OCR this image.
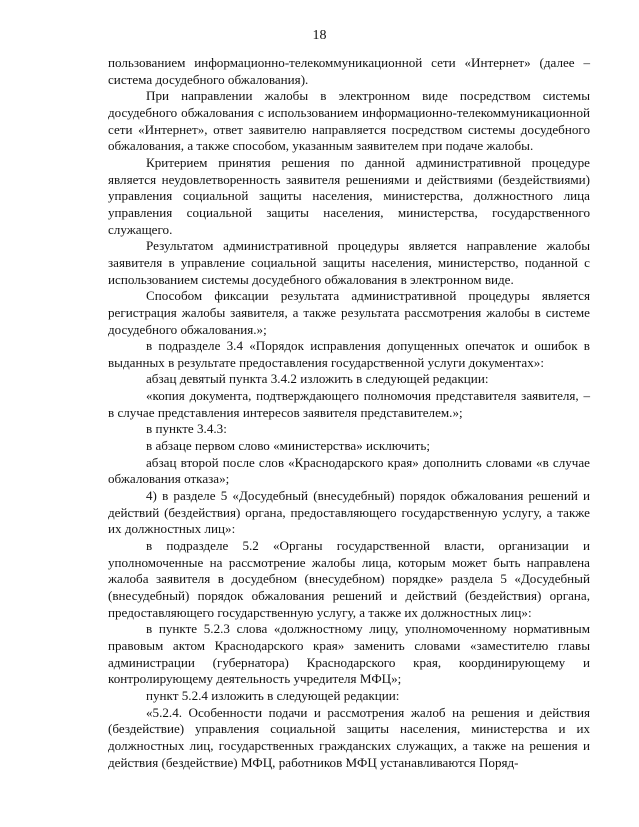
18

пользованием информационно-телекоммуникационной сети «Интернет» (далее – система досудебного обжалования).

При направлении жалобы в электронном виде посредством системы досудебного обжалования с использованием информационно-телекоммуникационной сети «Интернет», ответ заявителю направляется посредством системы досудебного обжалования, а также способом, указанным заявителем при подаче жалобы.

Критерием принятия решения по данной административной процедуре является неудовлетворенность заявителя решениями и действиями (бездействиями) управления социальной защиты населения, министерства, должностного лица управления социальной защиты населения, министерства, государственного служащего.

Результатом административной процедуры является направление жалобы заявителя в управление социальной защиты населения, министерство, поданной с использованием системы досудебного обжалования в электронном виде.

Способом фиксации результата административной процедуры является регистрация жалобы заявителя, а также результата рассмотрения жалобы в системе досудебного обжалования.»;

в подразделе 3.4 «Порядок исправления допущенных опечаток и ошибок в выданных в результате предоставления государственной услуги документах»:

абзац девятый пункта 3.4.2 изложить в следующей редакции:

«копия документа, подтверждающего полномочия представителя заявителя, – в случае представления интересов заявителя представителем.»;

в пункте 3.4.3:

в абзаце первом слово «министерства» исключить;

абзац второй после слов «Краснодарского края» дополнить словами «в случае обжалования отказа»;

4) в разделе 5 «Досудебный (внесудебный) порядок обжалования решений и действий (бездействия) органа, предоставляющего государственную услугу, а также их должностных лиц»:

в подразделе 5.2 «Органы государственной власти, организации и уполномоченные на рассмотрение жалобы лица, которым может быть направлена жалоба заявителя в досудебном (внесудебном) порядке» раздела 5 «Досудебный (внесудебный) порядок обжалования решений и действий (бездействия) органа, предоставляющего государственную услугу, а также их должностных лиц»:

в пункте 5.2.3 слова «должностному лицу, уполномоченному нормативным правовым актом Краснодарского края» заменить словами «заместителю главы администрации (губернатора) Краснодарского края, координирующему и контролирующему деятельность учредителя МФЦ»;

пункт 5.2.4 изложить в следующей редакции:

«5.2.4. Особенности подачи и рассмотрения жалоб на решения и действия (бездействие) управления социальной защиты населения, министерства и их должностных лиц, государственных гражданских служащих, а также на решения и действия (бездействие) МФЦ, работников МФЦ устанавливаются Поряд-
